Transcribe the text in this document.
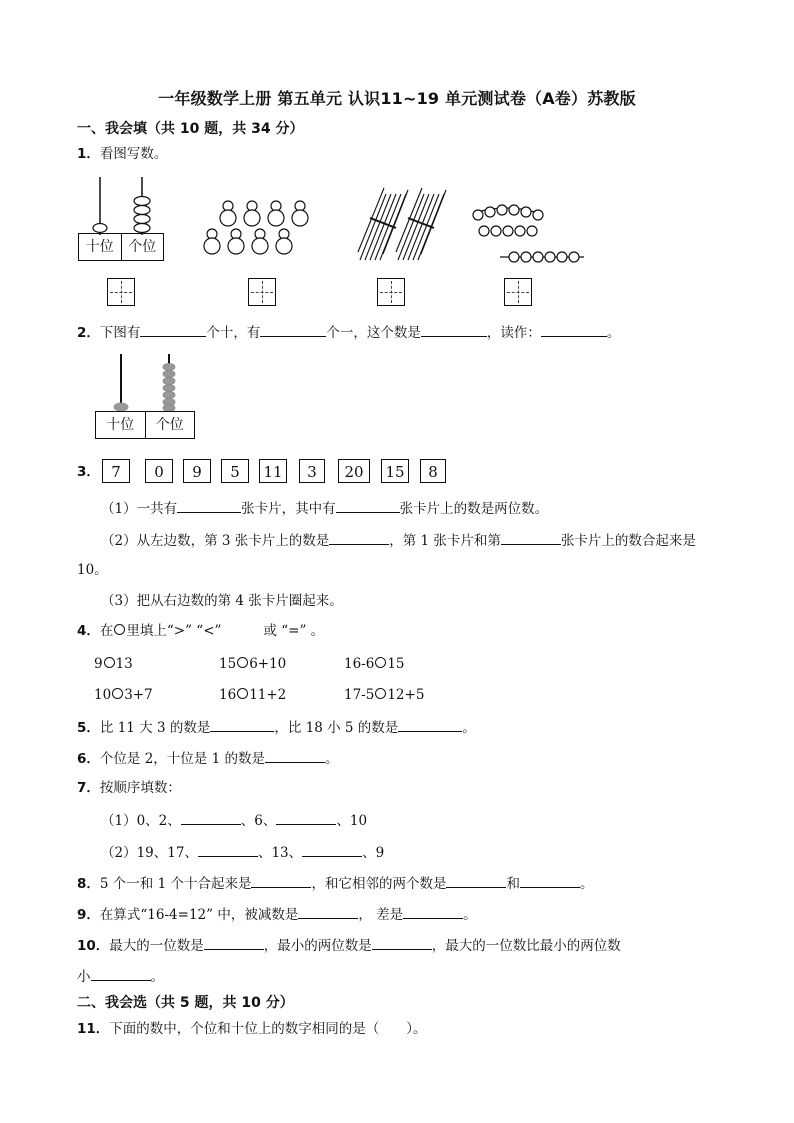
一年级数学上册 第五单元 认识11~19 单元测试卷（A卷）苏教版
一、我会填（共 10 题，共 34 分）
1．看图写数。
十位	个位
2．下图有	个十，有	个一，这个数是	，读作：	。
十位	个位
3． 7	0	9	5	11	3	20	15	8
（1）一共有	张卡片，其中有	张卡片上的数是两位数。
（2）从左边数，第 3 张卡片上的数是	，第 1 张卡片和第	张卡片上的数合起来是
10。
（3）把从右边数的第 4 张卡片圈起来。
4．在 里填上“>” “<”	或 “=” 。
9 13	15 6+10	16-6 15
10 3+7	16 11+2	17-5 12+5
5．比 11 大 3 的数是	，比 18 小 5 的数是	。
6．个位是 2，十位是 1 的数是	。
7．按顺序填数：
（1）0、2、	、6、	、10
（2）19、17、	、13、	、9
8．5 个一和 1 个十合起来是	，和它相邻的两个数是	和	。
9．在算式“16-4=12” 中，被减数是	， 差是	。
10．最大的一位数是	，最小的两位数是	，最大的一位数比最小的两位数
小	。
二、我会选（共 5 题，共 10 分）
11．下面的数中，个位和十位上的数字相同的是（　　）。
